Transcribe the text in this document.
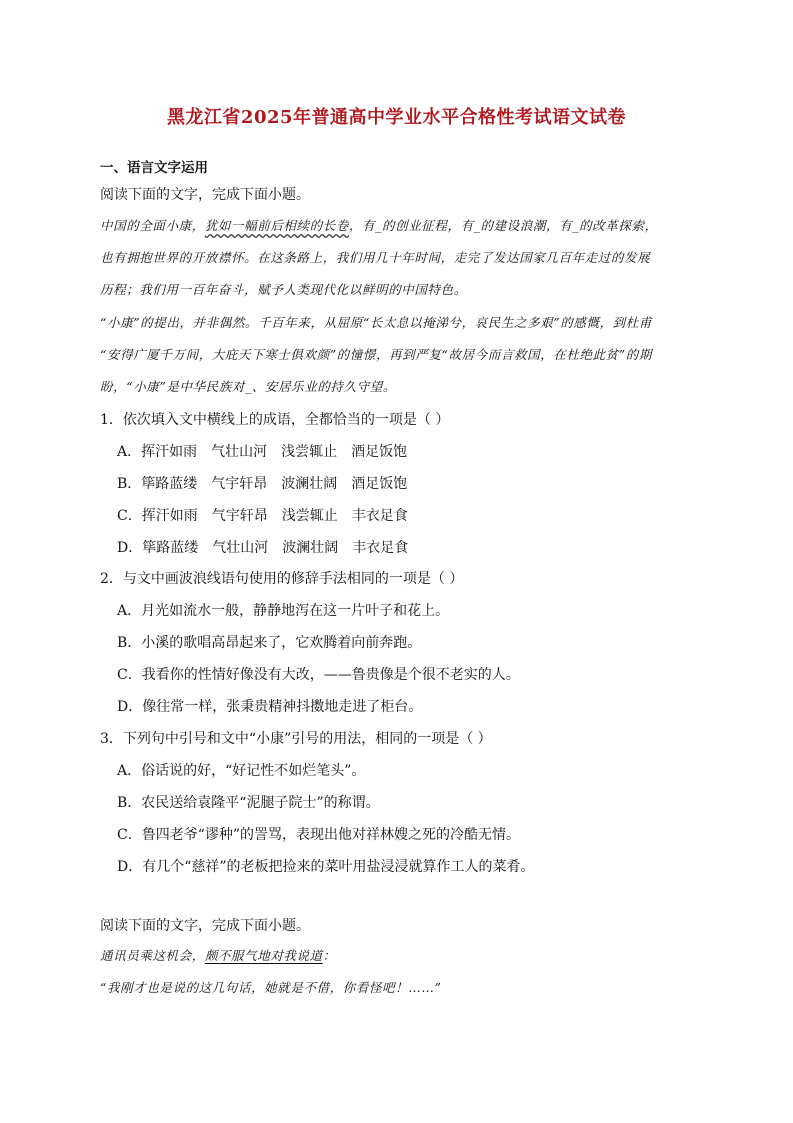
黑龙江省2025年普通高中学业水平合格性考试语文试卷
一、语言文字运用
阅读下面的文字，完成下面小题。
中国的全面小康，犹如一幅前后相续的长卷，有_的创业征程，有_的建设浪潮，有_的改革探索，
也有拥抱世界的开放襟怀。在这条路上，我们用几十年时间，走完了发达国家几百年走过的发展
历程；我们用一百年奋斗，赋予人类现代化以鲜明的中国特色。
“小康”的提出，并非偶然。千百年来，从屈原“长太息以掩涕兮，哀民生之多艰”的感慨，到杜甫
“安得广厦千万间，大庇天下寒士俱欢颜”的憧憬，再到严复“故居今而言救国，在杜绝此贫”的期
盼，“小康”是中华民族对_、安居乐业的持久守望。
1．依次填入文中横线上的成语，全都恰当的一项是（ ）
A．挥汗如雨　气壮山河　浅尝辄止　酒足饭饱
B．筚路蓝缕　气宇轩昂　波澜壮阔　酒足饭饱
C．挥汗如雨　气宇轩昂　浅尝辄止　丰衣足食
D．筚路蓝缕　气壮山河　波澜壮阔　丰衣足食
2．与文中画波浪线语句使用的修辞手法相同的一项是（ ）
A．月光如流水一般，静静地泻在这一片叶子和花上。
B．小溪的歌唱高昂起来了，它欢腾着向前奔跑。
C．我看你的性情好像没有大改，——鲁贵像是个很不老实的人。
D．像往常一样，张秉贵精神抖擞地走进了柜台。
3．下列句中引号和文中“小康”引号的用法，相同的一项是（ ）
A．俗话说的好，“好记性不如烂笔头”。
B．农民送给袁隆平“泥腿子院士”的称谓。
C．鲁四老爷“谬种”的詈骂，表现出他对祥林嫂之死的冷酷无情。
D．有几个“慈祥”的老板把捡来的菜叶用盐浸浸就算作工人的菜肴。
阅读下面的文字，完成下面小题。
通讯员乘这机会，颇不服气地对我说道：
“我刚才也是说的这几句话，她就是不借，你看怪吧！……”
